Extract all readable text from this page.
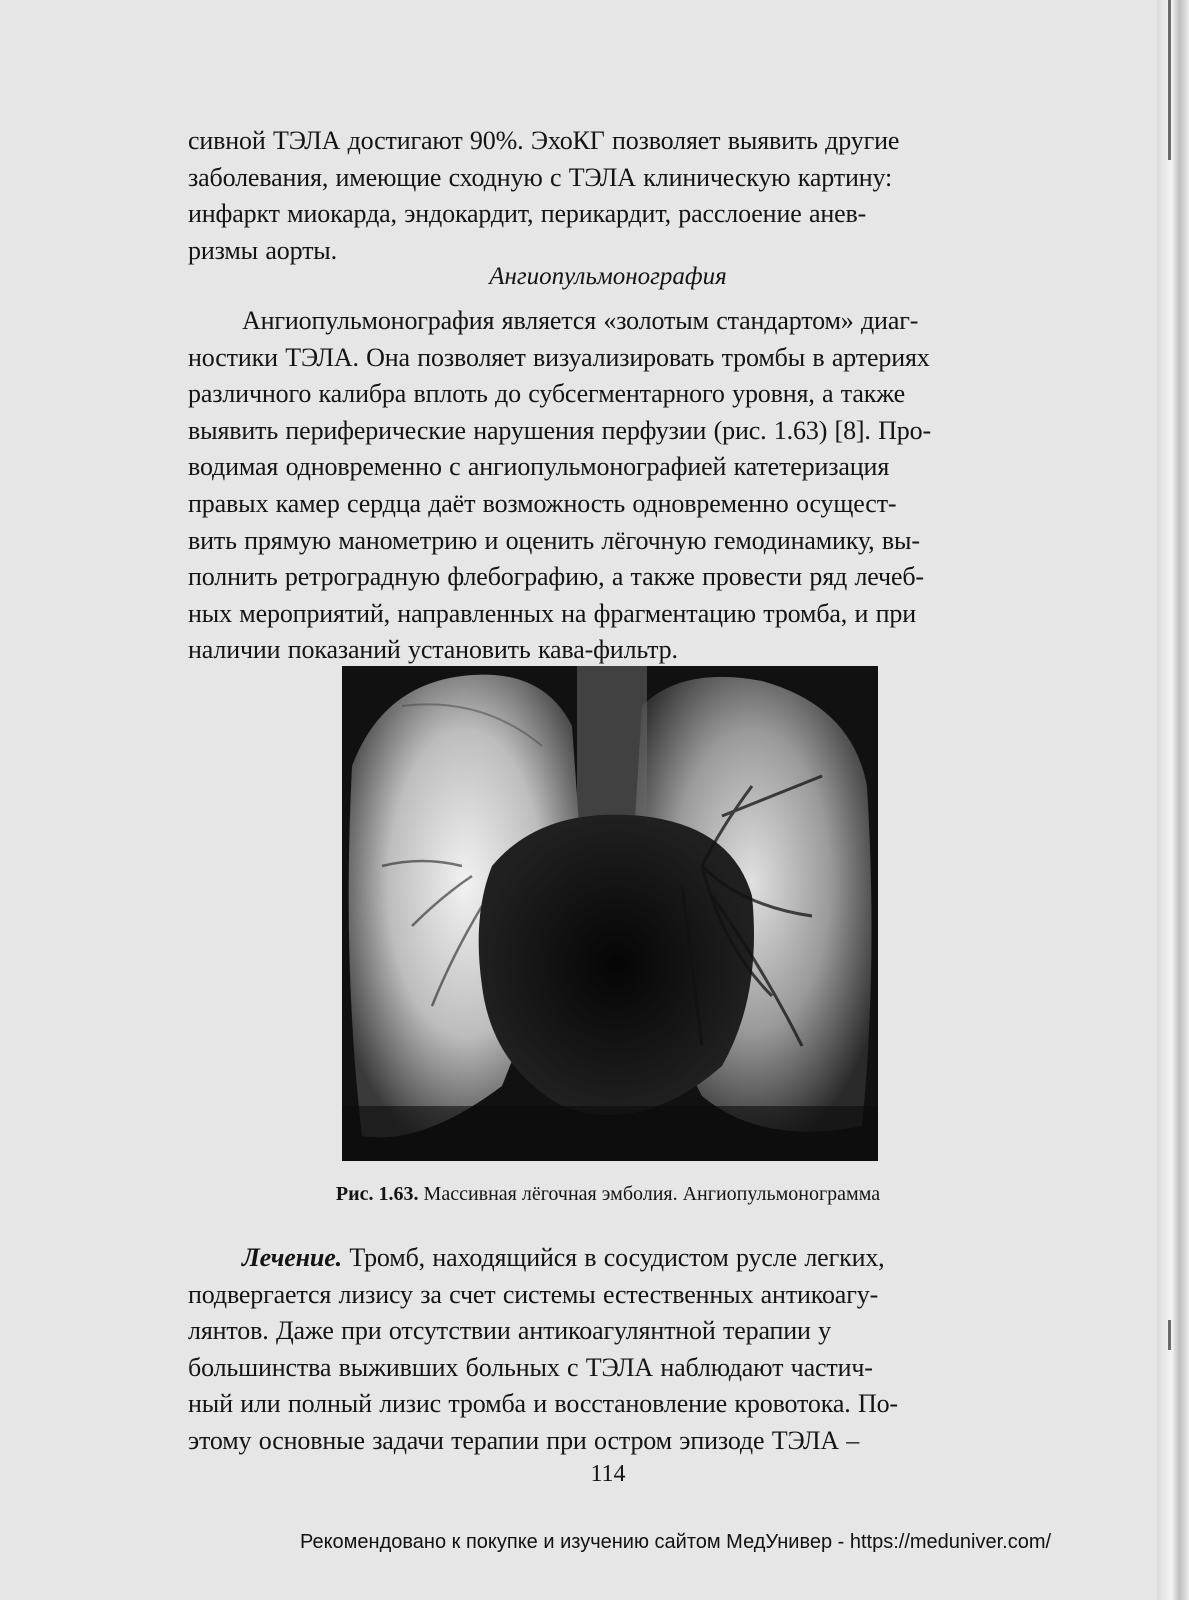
сивной ТЭЛА достигают 90%. ЭхоКГ позволяет выявить другие

заболевания, имеющие сходную с ТЭЛА клиническую картину:

инфаркт миокарда, эндокардит, перикардит, расслоение анев-

ризмы аорты.

Ангиопульмонография

Ангиопульмонография является «золотым стандартом» диаг-

ностики ТЭЛА. Она позволяет визуализировать тромбы в артериях

различного калибра вплоть до субсегментарного уровня, а также

выявить периферические нарушения перфузии (рис. 1.63) [8]. Про-

водимая одновременно с ангиопульмонографией катетеризация

правых камер сердца даёт возможность одновременно осущест-

вить прямую манометрию и оценить лёгочную гемодинамику, вы-

полнить ретроградную флебографию, а также провести ряд лечеб-

ных мероприятий, направленных на фрагментацию тромба, и при

наличии показаний установить кава-фильтр.

Рис. 1.63. Массивная лёгочная эмболия. Ангиопульмонограмма

Лечение. Тромб, находящийся в сосудистом русле легких,

подвергается лизису за счет системы естественных антикоагу-

лянтов. Даже при отсутствии антикоагулянтной терапии у

большинства выживших больных с ТЭЛА наблюдают частич-

ный или полный лизис тромба и восстановление кровотока. По-

этому основные задачи терапии при остром эпизоде ТЭЛА –

114
Рекомендовано к покупке и изучению сайтом МедУнивер - https://meduniver.com/
